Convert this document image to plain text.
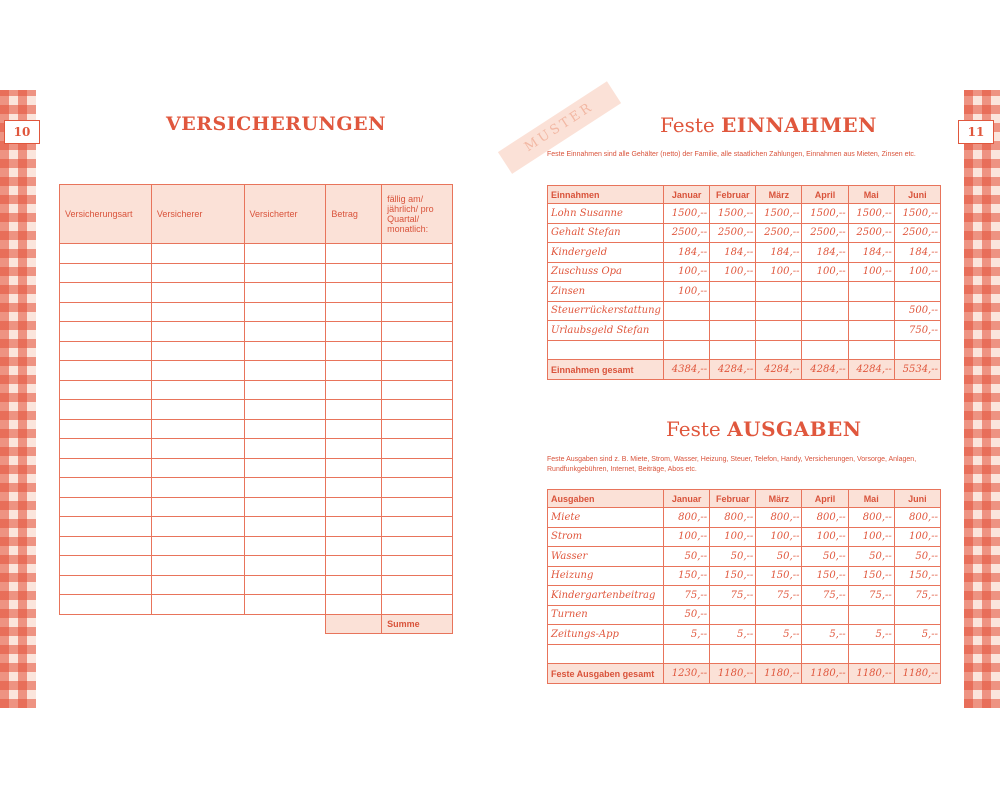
10	11
VERSICHERUNGEN
Versicherungsart	Versicherer	Versicherter	Betrag	fällig am/ jährlich/ pro Quartal/ monatlich:

				Summe
MUSTER	Feste EINNAHMEN
Feste Einnahmen sind alle Gehälter (netto) der Familie, alle staatlichen Zahlungen, Einnahmen aus Mieten, Zinsen etc.
Einnahmen	Januar	Februar	März	April	Mai	Juni
Lohn Susanne	1500,--	1500,--	1500,--	1500,--	1500,--	1500,--
Gehalt Stefan	2500,--	2500,--	2500,--	2500,--	2500,--	2500,--
Kindergeld	184,--	184,--	184,--	184,--	184,--	184,--
Zuschuss Opa	100,--	100,--	100,--	100,--	100,--	100,--
Zinsen	100,--					
Steuerrückerstattung						500,--
Urlaubsgeld Stefan						750,--

Einnahmen gesamt	4384,--	4284,--	4284,--	4284,--	4284,--	5534,--
Feste AUSGABEN
Feste Ausgaben sind z. B. Miete, Strom, Wasser, Heizung, Steuer, Telefon, Handy, Versicherungen, Vorsorge, Anlagen, Rundfunkgebühren, Internet, Beiträge, Abos etc.
Ausgaben	Januar	Februar	März	April	Mai	Juni
Miete	800,--	800,--	800,--	800,--	800,--	800,--
Strom	100,--	100,--	100,--	100,--	100,--	100,--
Wasser	50,--	50,--	50,--	50,--	50,--	50,--
Heizung	150,--	150,--	150,--	150,--	150,--	150,--
Kindergartenbeitrag	75,--	75,--	75,--	75,--	75,--	75,--
Turnen	50,--					
Zeitungs-App	5,--	5,--	5,--	5,--	5,--	5,--

Feste Ausgaben gesamt	1230,--	1180,--	1180,--	1180,--	1180,--	1180,--
